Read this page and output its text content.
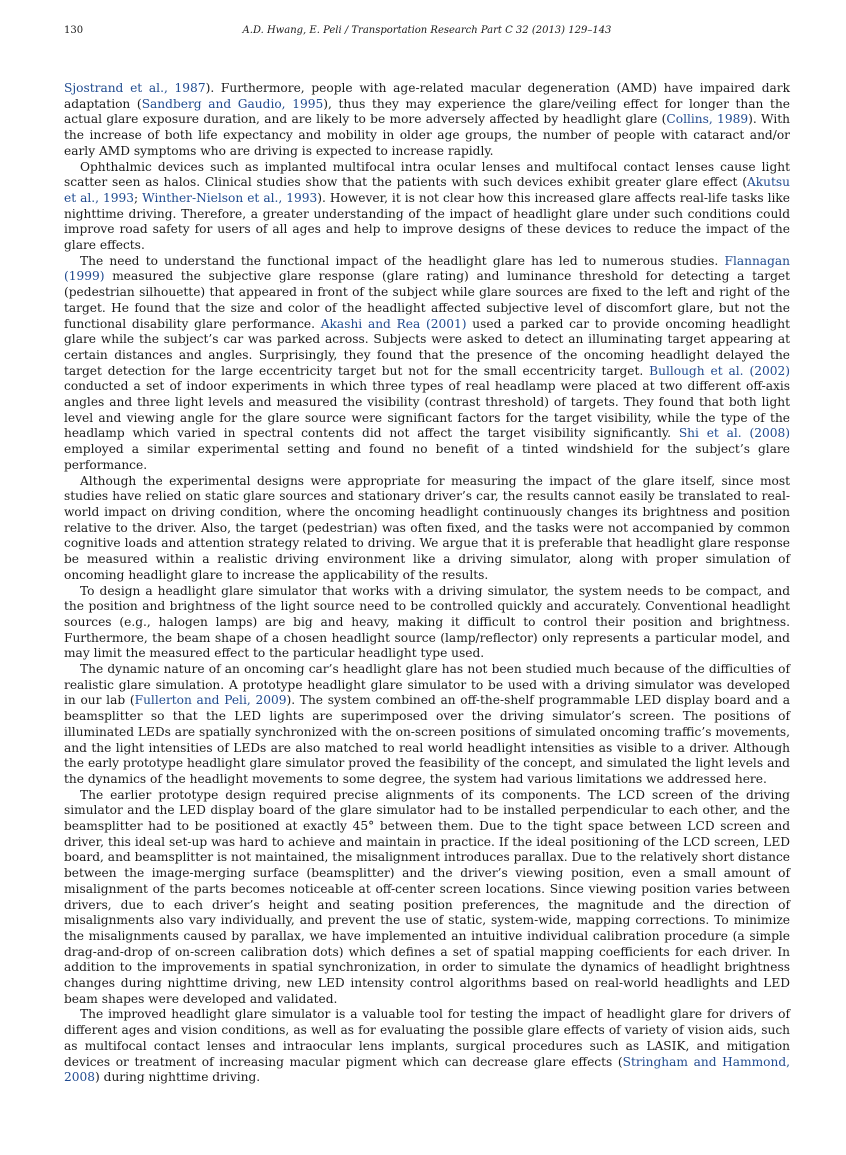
130	A.D. Hwang, E. Peli / Transportation Research Part C 32 (2013) 129–143

Sjostrand et al., 1987). Furthermore, people with age-related macular degeneration (AMD) have impaired dark adaptation (Sandberg and Gaudio, 1995), thus they may experience the glare/veiling effect for longer than the actual glare exposure duration, and are likely to be more adversely affected by headlight glare (Collins, 1989). With the increase of both life expectancy and mobility in older age groups, the number of people with cataract and/or early AMD symptoms who are driving is expected to increase rapidly.

Ophthalmic devices such as implanted multifocal intra ocular lenses and multifocal contact lenses cause light scatter seen as halos. Clinical studies show that the patients with such devices exhibit greater glare effect (Akutsu et al., 1993; Winther-Nielson et al., 1993). However, it is not clear how this increased glare affects real-life tasks like nighttime driving. Therefore, a greater understanding of the impact of headlight glare under such conditions could improve road safety for users of all ages and help to improve designs of these devices to reduce the impact of the glare effects.

The need to understand the functional impact of the headlight glare has led to numerous studies. Flannagan (1999) measured the subjective glare response (glare rating) and luminance threshold for detecting a target (pedestrian silhouette) that appeared in front of the subject while glare sources are fixed to the left and right of the target. He found that the size and color of the headlight affected subjective level of discomfort glare, but not the functional disability glare performance. Akashi and Rea (2001) used a parked car to provide oncoming headlight glare while the subject’s car was parked across. Subjects were asked to detect an illuminating target appearing at certain distances and angles. Surprisingly, they found that the presence of the oncoming headlight delayed the target detection for the large eccentricity target but not for the small eccentricity target. Bullough et al. (2002) conducted a set of indoor experiments in which three types of real headlamp were placed at two different off-axis angles and three light levels and measured the visibility (contrast threshold) of targets. They found that both light level and viewing angle for the glare source were significant factors for the target visibility, while the type of the headlamp which varied in spectral contents did not affect the target visibility significantly. Shi et al. (2008) employed a similar experimental setting and found no benefit of a tinted windshield for the subject’s glare performance.

Although the experimental designs were appropriate for measuring the impact of the glare itself, since most studies have relied on static glare sources and stationary driver’s car, the results cannot easily be translated to real-world impact on driving condition, where the oncoming headlight continuously changes its brightness and position relative to the driver. Also, the target (pedestrian) was often fixed, and the tasks were not accompanied by common cognitive loads and attention strategy related to driving. We argue that it is preferable that headlight glare response be measured within a realistic driving environment like a driving simulator, along with proper simulation of oncoming headlight glare to increase the applicability of the results.

To design a headlight glare simulator that works with a driving simulator, the system needs to be compact, and the position and brightness of the light source need to be controlled quickly and accurately. Conventional headlight sources (e.g., halogen lamps) are big and heavy, making it difficult to control their position and brightness. Furthermore, the beam shape of a chosen headlight source (lamp/reflector) only represents a particular model, and may limit the measured effect to the particular headlight type used.

The dynamic nature of an oncoming car’s headlight glare has not been studied much because of the difficulties of realistic glare simulation. A prototype headlight glare simulator to be used with a driving simulator was developed in our lab (Fullerton and Peli, 2009). The system combined an off-the-shelf programmable LED display board and a beamsplitter so that the LED lights are superimposed over the driving simulator’s screen. The positions of illuminated LEDs are spatially synchronized with the on-screen positions of simulated oncoming traffic’s movements, and the light intensities of LEDs are also matched to real world headlight intensities as visible to a driver. Although the early prototype headlight glare simulator proved the feasibility of the concept, and simulated the light levels and the dynamics of the headlight movements to some degree, the system had various limitations we addressed here.

The earlier prototype design required precise alignments of its components. The LCD screen of the driving simulator and the LED display board of the glare simulator had to be installed perpendicular to each other, and the beamsplitter had to be positioned at exactly 45° between them. Due to the tight space between LCD screen and driver, this ideal set-up was hard to achieve and maintain in practice. If the ideal positioning of the LCD screen, LED board, and beamsplitter is not maintained, the misalignment introduces parallax. Due to the relatively short distance between the image-merging surface (beamsplitter) and the driver’s viewing position, even a small amount of misalignment of the parts becomes noticeable at off-center screen locations. Since viewing position varies between drivers, due to each driver’s height and seating position preferences, the magnitude and the direction of misalignments also vary individually, and prevent the use of static, system-wide, mapping corrections. To minimize the misalignments caused by parallax, we have implemented an intuitive individual calibration procedure (a simple drag-and-drop of on-screen calibration dots) which defines a set of spatial mapping coefficients for each driver. In addition to the improvements in spatial synchronization, in order to simulate the dynamics of headlight brightness changes during nighttime driving, new LED intensity control algorithms based on real-world headlights and LED beam shapes were developed and validated.

The improved headlight glare simulator is a valuable tool for testing the impact of headlight glare for drivers of different ages and vision conditions, as well as for evaluating the possible glare effects of variety of vision aids, such as multifocal contact lenses and intraocular lens implants, surgical procedures such as LASIK, and mitigation devices or treatment of increasing macular pigment which can decrease glare effects (Stringham and Hammond, 2008) during nighttime driving.
